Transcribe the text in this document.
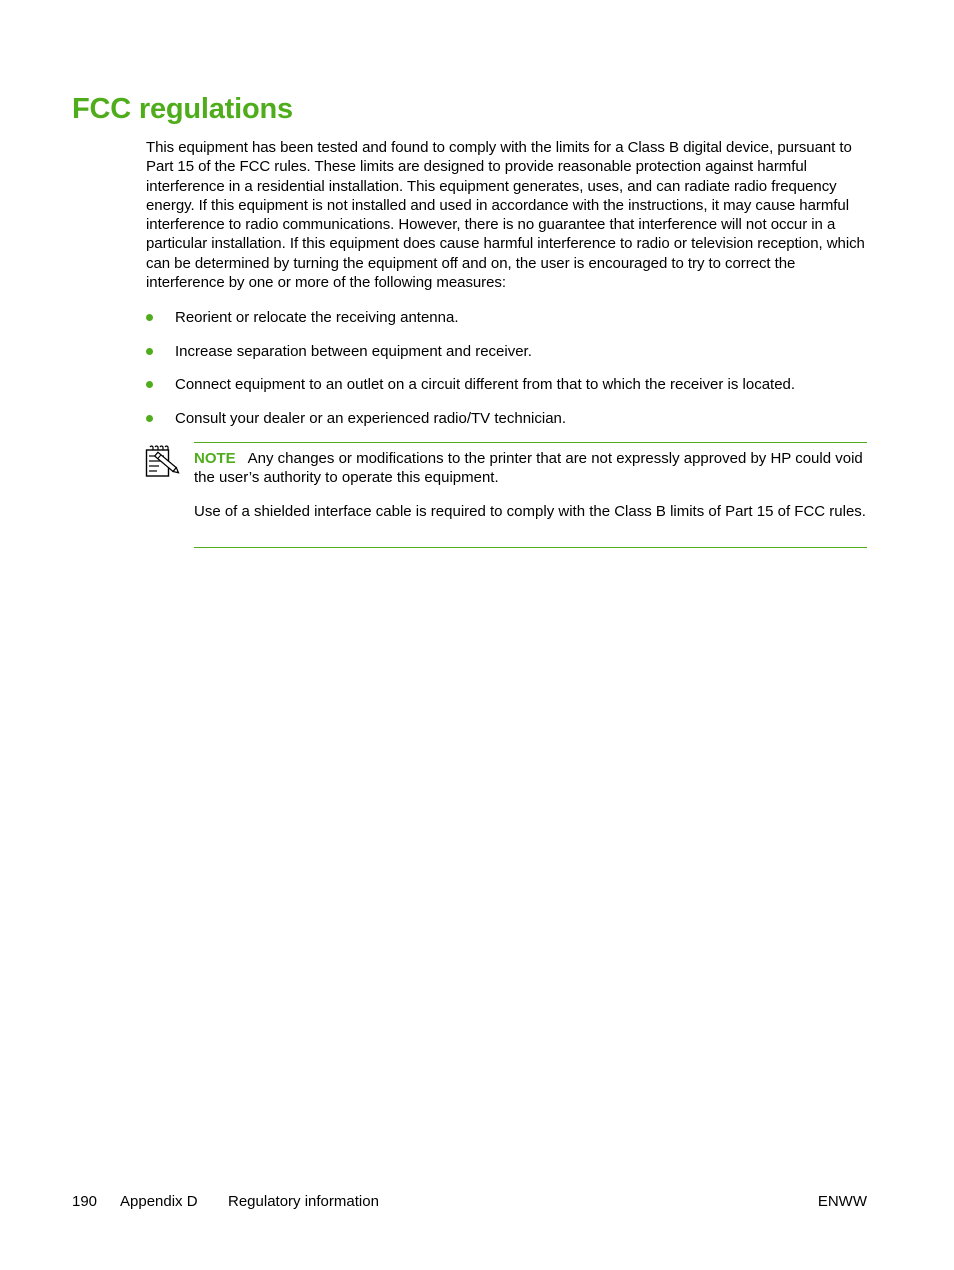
FCC regulations

This equipment has been tested and found to comply with the limits for a Class B digital device, pursuant to Part 15 of the FCC rules. These limits are designed to provide reasonable protection against harmful interference in a residential installation. This equipment generates, uses, and can radiate radio frequency energy. If this equipment is not installed and used in accordance with the instructions, it may cause harmful interference to radio communications. However, there is no guarantee that interference will not occur in a particular installation. If this equipment does cause harmful interference to radio or television reception, which can be determined by turning the equipment off and on, the user is encouraged to try to correct the interference by one or more of the following measures:

Reorient or relocate the receiving antenna.
Increase separation between equipment and receiver.
Connect equipment to an outlet on a circuit different from that to which the receiver is located.
Consult your dealer or an experienced radio/TV technician.

NOTE Any changes or modifications to the printer that are not expressly approved by HP could void the user’s authority to operate this equipment.

Use of a shielded interface cable is required to comply with the Class B limits of Part 15 of FCC rules.

190 Appendix D Regulatory information	ENWW
